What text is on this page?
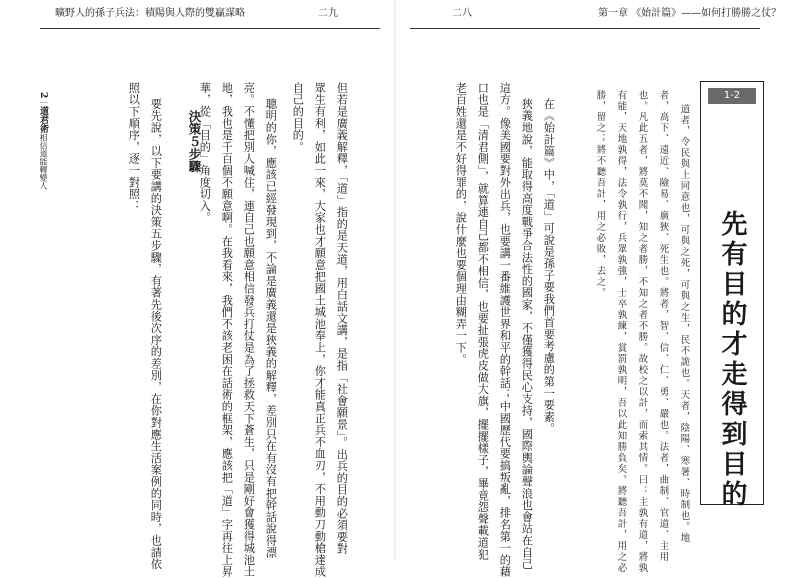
曠野人的孫子兵法：積陽與人際的雙贏謀略	二九
2｜道君術相信道能轉變人	但若是廣義解釋，「道」指的是天道，用白話文講，是指「社會願景」。出兵的目的必須要對
眾生有利，如此一來，大家也才願意把國土城池奉上，你才能真正兵不血刃，不用動刀動槍達成
自己的目的。
聰明的你，應該已經發現到，不論是廣義還是狹義的解釋，差別只在有沒有把幹話說得漂
亮。不懂把別人喊住，連自己也願意相信發兵打仗是為了拯救天下蒼生，只是剛好會獲得城池土
地，我也是千百個不願意啊。在我看來，我們不該老困在話術的框架，應該把「道」字再往上昇
華，從「目的」角度切入。
決策５步驟
要先說，以下要講的決策五步驟，有著先後次序的差別，在你對應生活案例的同時，也請依
照以下順序，逐一對照：
二八	第一章 《始計篇》——如何打勝勝之仗？
1-2
先有目的才走得到目的
道者，令民與上同意也，可與之死，可與之生，民不詭也。天者，陰陽、寒暑、時制也。地
者，高下、遠近、險易、廣狹、死生也。將者，智、信、仁、勇、嚴也。法者，曲制、官道、主用
也。凡此五者，將莫不聞，知之者勝，不知之者不勝。故校之以計，而索其情。曰：主孰有道，將孰
有能，天地孰得，法令孰行，兵眾孰強，士卒孰練，賞罰孰明，吾以此知勝負矣。將聽吾計，用之必
勝，留之；將不聽吾計，用之必敗，去之。
在《始計篇》中，「道」可說是孫子要我們首要考慮的第一要素。
狹義地說，能取得高度戰爭合法性的國家，不僅獲得民心支持，國際輿論聲浪也會站在自己
這方。像美國要對外出兵，也要講一番維護世界和平的幹話；中國歷代要搞叛亂，排名第一的藉
口也是「清君側」，就算連自己都不相信，也要扯張虎皮做大旗，擺擺樣子，畢竟怨聲載道犯
老百姓還是不好得罪的，說什麼也要個理由糊弄一下。
